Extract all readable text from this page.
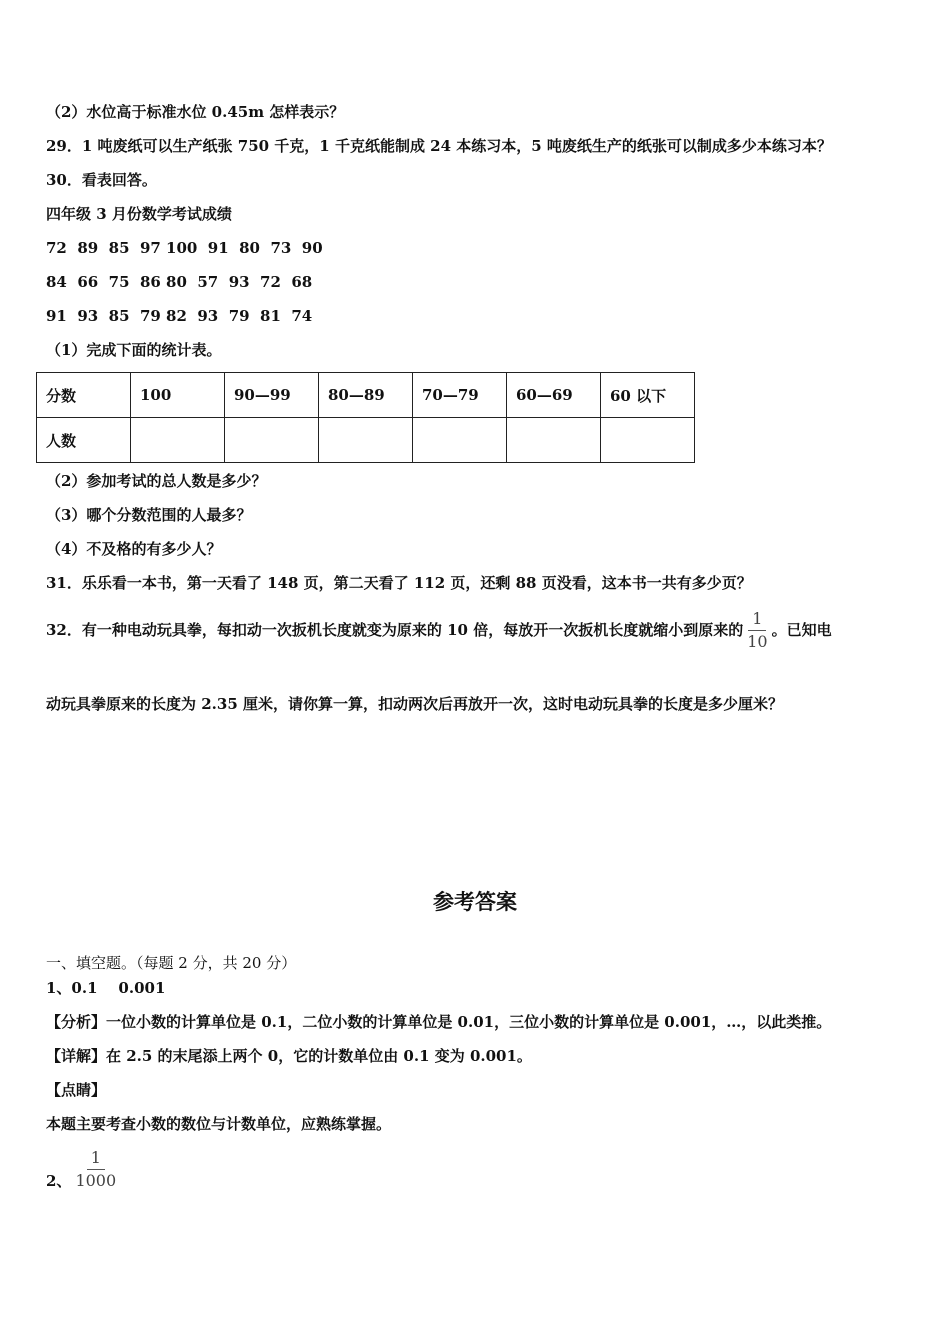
（2）水位高于标准水位 0.45m 怎样表示？
29．1 吨废纸可以生产纸张 750 千克，1 千克纸能制成 24 本练习本，5 吨废纸生产的纸张可以制成多少本练习本？
30．看表回答。
四年级 3 月份数学考试成绩
72  89  85  97 100  91  80  73  90
84  66  75  86 80  57  93  72  68
91  93  85  79 82  93  79  81  74
（1）完成下面的统计表。
分数	100	90—99	80—89	70—79	60—69	60 以下
人数						
（2）参加考试的总人数是多少？
（3）哪个分数范围的人最多？
（4）不及格的有多少人？
31．乐乐看一本书，第一天看了 148 页，第二天看了 112 页，还剩 88 页没看，这本书一共有多少页？
32．有一种电动玩具拳，每扣动一次扳机长度就变为原来的 10 倍，每放开一次扳机长度就缩小到原来的 $\frac{1}{10}$ 。已知电
动玩具拳原来的长度为 2.35 厘米，请你算一算，扣动两次后再放开一次，这时电动玩具拳的长度是多少厘米？
参考答案
一、填空题。（每题 2 分，共 20 分）
1、0.1    0.001
【分析】一位小数的计算单位是 0.1，二位小数的计算单位是 0.01，三位小数的计算单位是 0.001，…，以此类推。
【详解】在 2.5 的末尾添上两个 0，它的计数单位由 0.1 变为 0.001。
【点睛】
本题主要考查小数的数位与计数单位，应熟练掌握。
2、 $\frac{1}{1000}$
